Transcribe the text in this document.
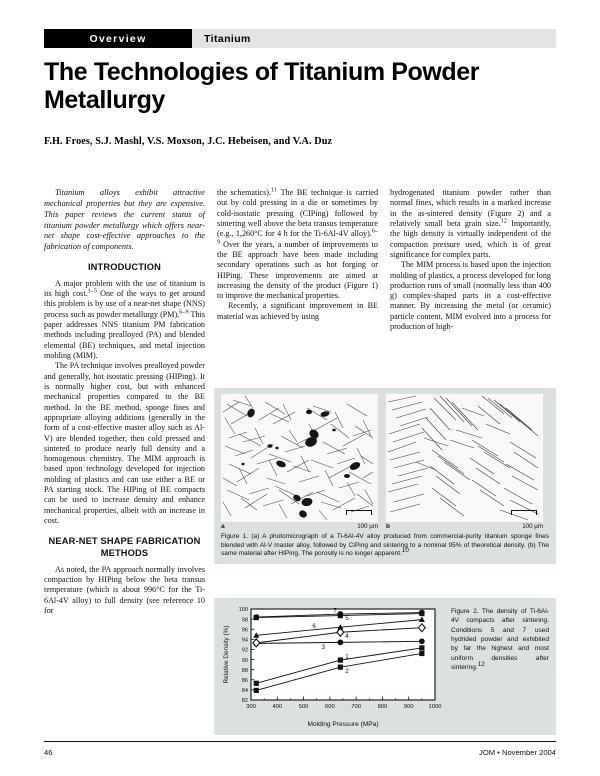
Overview	Titanium
The Technologies of Titanium Powder Metallurgy
F.H. Froes, S.J. Mashl, V.S. Moxson, J.C. Hebeisen, and V.A. Duz

Titanium alloys exhibit attractive mechanical properties but they are expensive. This paper reviews the current status of titanium powder metallurgy which offers near-net shape cost-effective approaches to the fabrication of components.

INTRODUCTION

A major problem with the use of titanium is its high cost.$^{1-5}$ One of the ways to get around this problem is by use of a near-net shape (NNS) process such as powder metallurgy (PM).$^{6-9}$ This paper addresses NNS titanium PM fabrication methods including prealloyed (PA) and blended elemental (BE) techniques, and metal injection molding (MIM).

The PA technique involves prealloyed powder and generally, hot isostatic pressing (HIPing). It is normally higher cost, but with enhanced mechanical properties compared to the BE method. In the BE method, sponge fines and appropriate alloying additions (generally in the form of a cost-effective master alloy such as Al-V) are blended together, then cold pressed and sintered to produce nearly full density and a homogenous chemistry. The MIM approach is based upon technology developed for injection molding of plastics and can use either a BE or PA starting stock. The HIPing of BE compacts can be used to increase density and enhance mechanical properties, albeit with an increase in cost.

NEAR-NET SHAPE FABRICATION METHODS

As noted, the PA approach normally involves compaction by HIPing below the beta transus temperature (which is about 996°C for the Ti-6Al-4V alloy) to full density (see reference 10 for

the schematics).$^{11}$ The BE technique is carried out by cold pressing in a die or sometimes by cold-isostatic pressing (CIPing) followed by sintering well above the beta transus temperature (e.g., 1,260°C for 4 h for the Ti-6Al-4V alloy).$^{6-9}$ Over the years, a number of improvements to the BE approach have been made including secondary operations such as hot forging or HIPing. These improvements are aimed at increasing the density of the product (Figure 1) to improve the mechanical properties.

Recently, a significant improvement in BE material was achieved by using

hydrogenated titanium powder rather than normal fines, which results in a marked increase in the as-sintered density (Figure 2) and a relatively small beta grain size.$^{12}$ Importantly, the high density is virtually independent of the compaction pressure used, which is of great significance for complex parts.

The MIM process is based upon the injection molding of plastics, a process developed for long production runs of small (normally less than 400 g) complex-shaped parts in a cost-effective manner. By increasing the metal (or ceramic) particle content, MIM evolved into a process for production of high-

a	100 µm b	100 µm
Figure 1. (a) A photomicrograph of a Ti-6Al-4V alloy produced from commercial-purity titanium sponge fines blended with Al-V master alloy, followed by CIPing and sintering to a nominal 95% of theoretical density. (b) The same material after HIPing. The porosity is no longer apparent.$^{10}$
82
84
86
88
90
92
94
96
98
100
300	400	500	600	700	800	900	1000
Molding Pressure (MPa)
Relative Density (%)	1
2
3
4
5
6
7	Figure 2. The density of Ti-6Al-4V compacts after sintering. Conditions 5 and 7 used hydrided powder and exhibited by far the highest and most uniform densities after sintering.$^{12}$
46	JOM • November 2004
